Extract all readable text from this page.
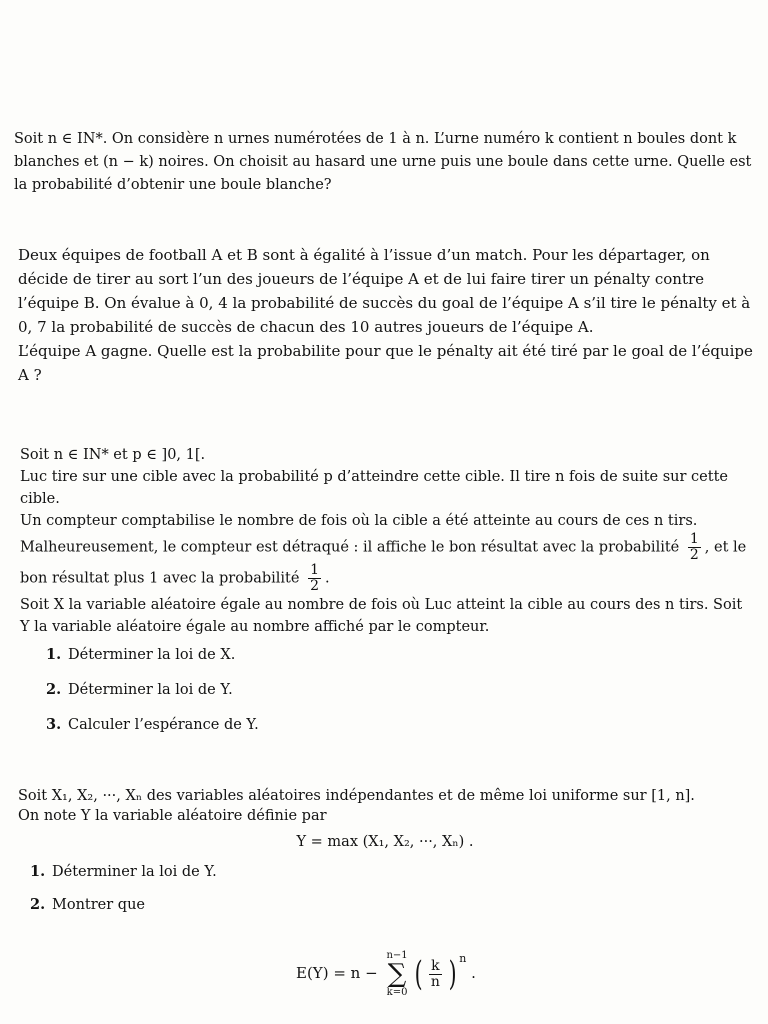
Soit n ∈ IN*. On considère n urnes numérotées de 1 à n. L’urne numéro k contient n boules dont k blanches et (n − k) noires. On choisit au hasard une urne puis une boule dans cette urne. Quelle est la probabilité d’obtenir une boule blanche?

Deux équipes de football A et B sont à égalité à l’issue d’un match. Pour les départager, on décide de tirer au sort l’un des joueurs de l’équipe A et de lui faire tirer un pénalty contre l’équipe B. On évalue à 0, 4 la probabilité de succès du goal de l’équipe A s’il tire le pénalty et à 0, 7 la probabilité de succès de chacun des 10 autres joueurs de l’équipe A.

L’équipe A gagne. Quelle est la probabilite pour que le pénalty ait été tiré par le goal de l’équipe A ?

Soit n ∈ IN* et p ∈ ]0, 1[.

Luc tire sur une cible avec la probabilité p d’atteindre cette cible. Il tire n fois de suite sur cette cible.

Un compteur comptabilise le nombre de fois où la cible a été atteinte au cours de ces n tirs.

Malheureusement, le compteur est détraqué : il affiche le bon résultat avec la probabilité $\frac{1}{2}$ , et le bon résultat plus 1 avec la probabilité $\frac{1}{2}$ .

Soit X la variable aléatoire égale au nombre de fois où Luc atteint la cible au cours des n tirs. Soit Y la variable aléatoire égale au nombre affiché par le compteur.

1. Déterminer la loi de X.
2. Déterminer la loi de Y.
3. Calculer l’espérance de Y.

Soit X₁, X₂, ···, Xₙ des variables aléatoires indépendantes et de même loi uniforme sur [1, n].

On note Y la variable aléatoire définie par

Y = max (X₁, X₂, ···, Xₙ) .

1. Déterminer la loi de Y.
2. Montrer que
E(Y) = n −
n−1
∑
k=0 ( $\frac{k}{n}$ ) $^n$ .
